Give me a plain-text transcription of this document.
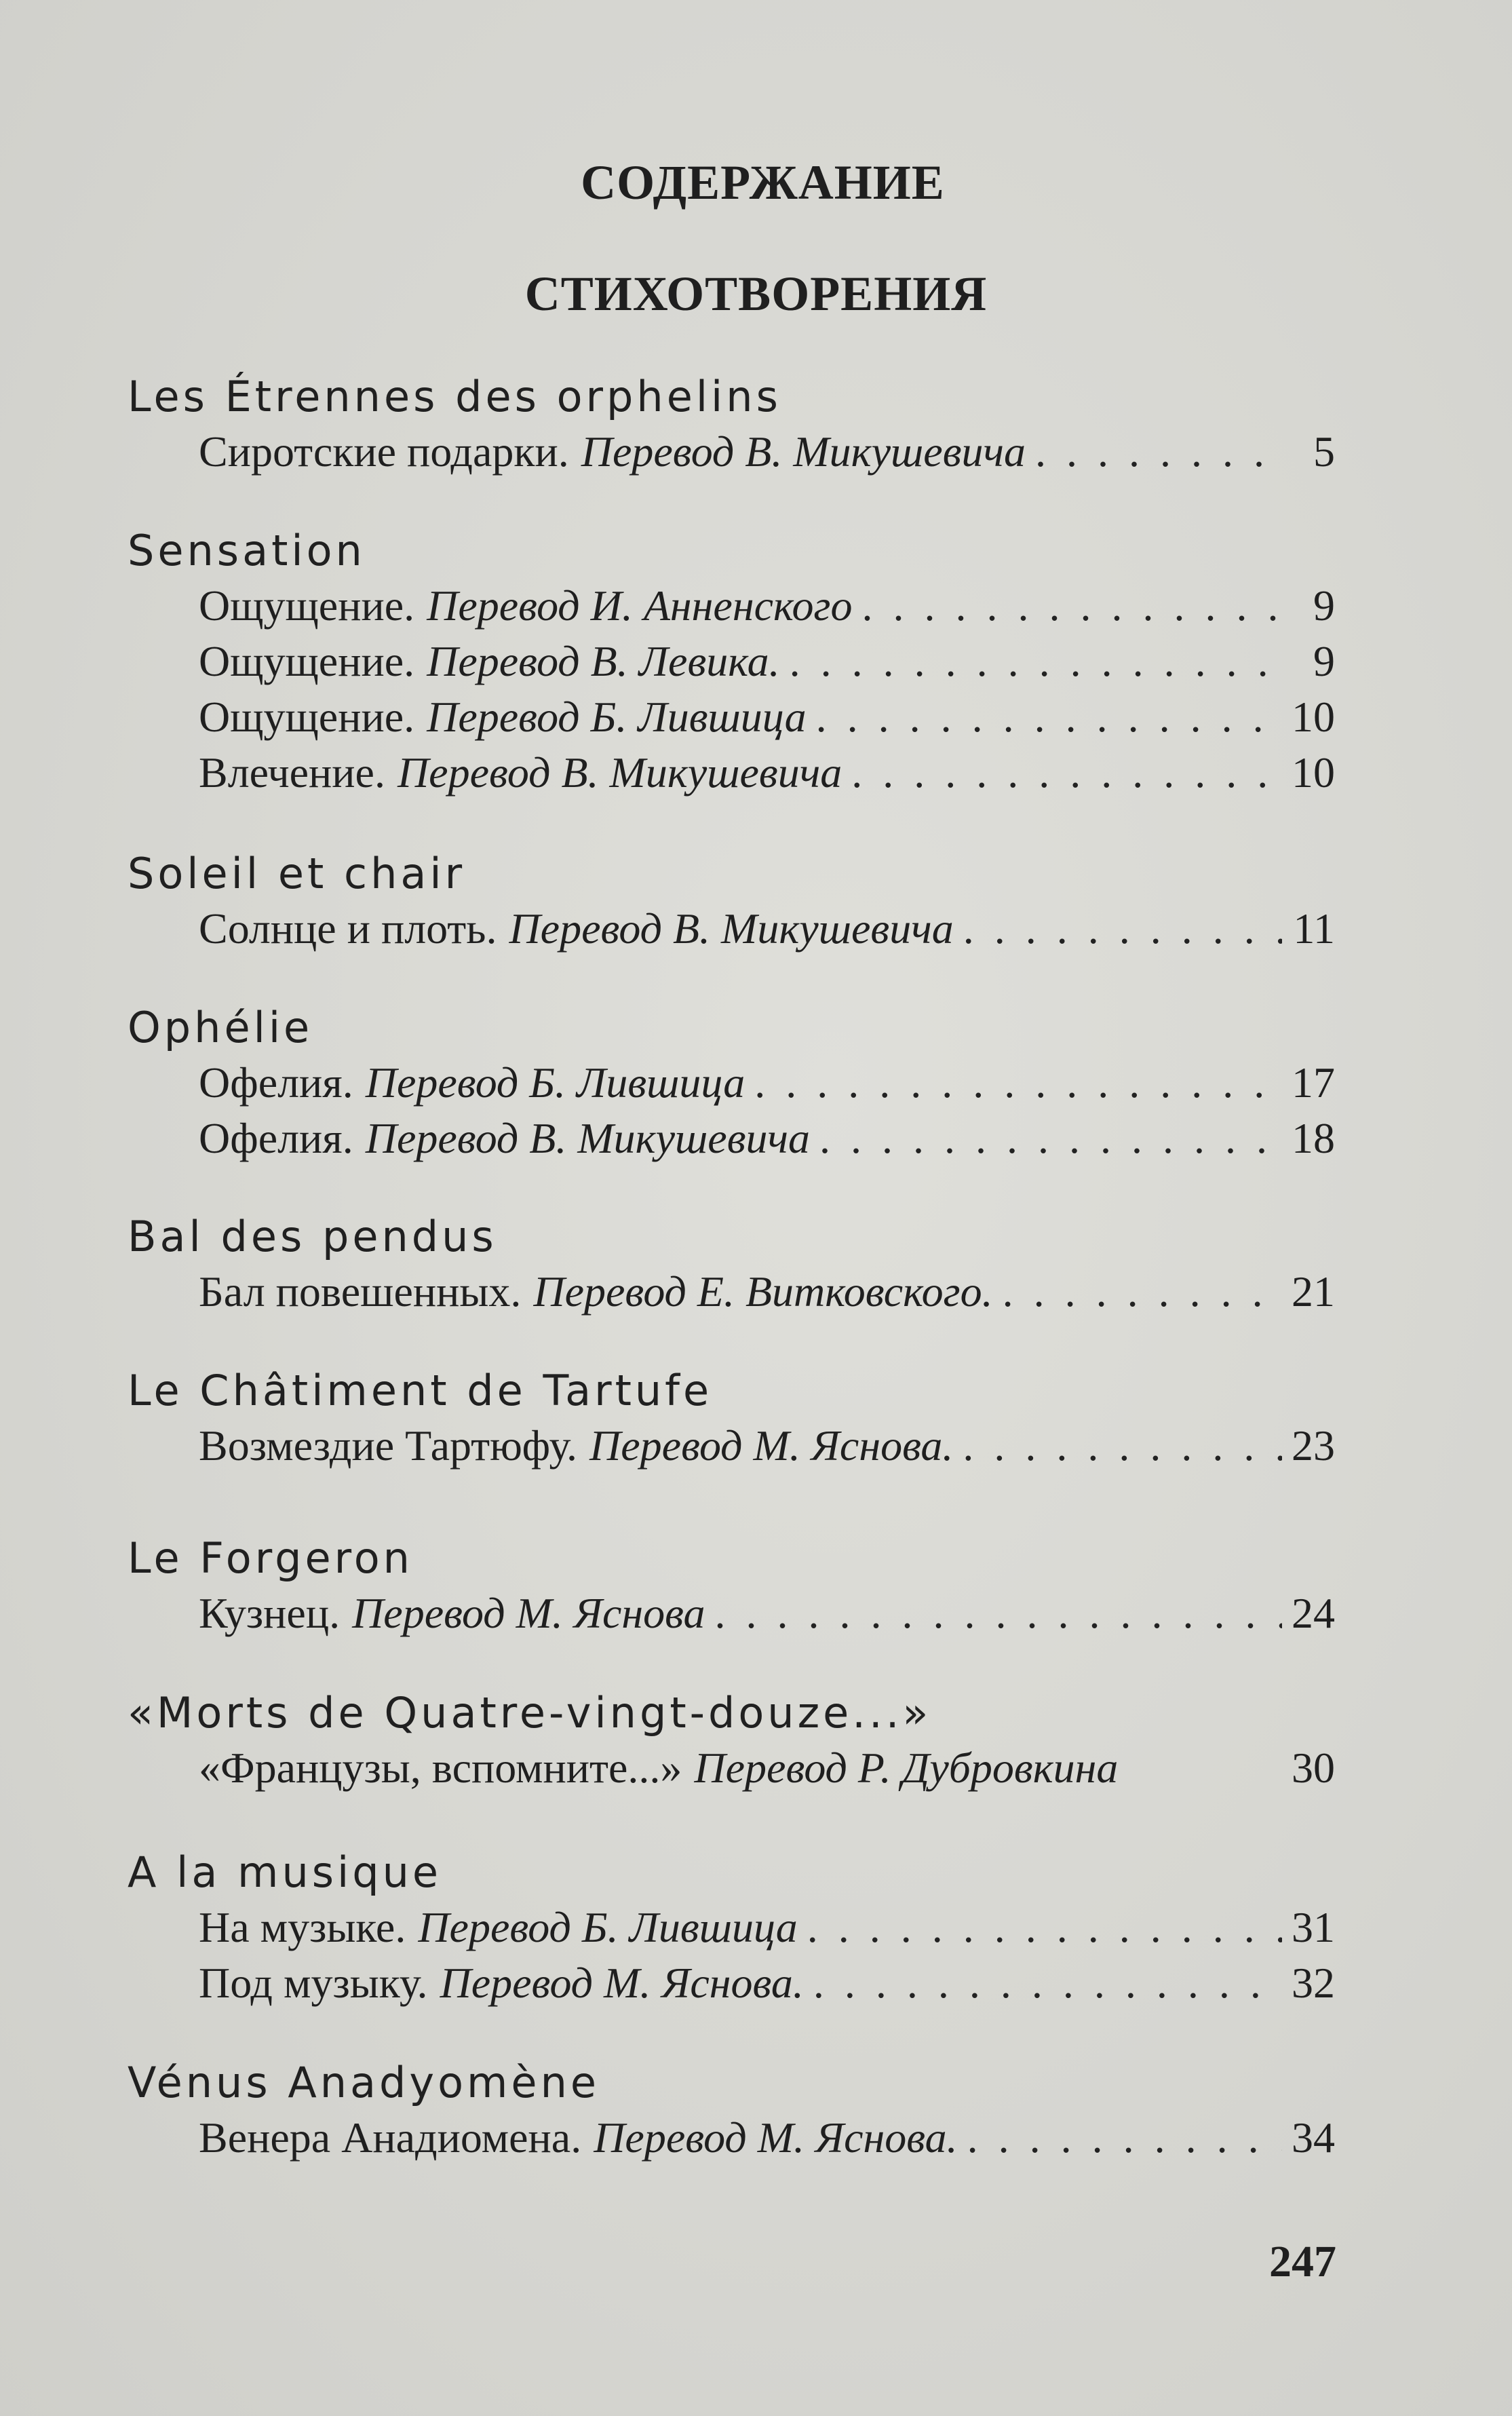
СОДЕРЖАНИЕ
СТИХОТВОРЕНИЯ
Les Étrennes des orphelins
Сиротские подарки. Перевод В. Микушевича . . .	5
Sensation
Ощущение. Перевод И. Анненского . . .	9
Ощущение. Перевод В. Левика. . . .	9
Ощущение. Перевод Б. Лившица . . .	10
Влечение. Перевод В. Микушевича . . .	10
Soleil et chair
Солнце и плоть. Перевод В. Микушевича . . .	11
Ophélie
Офелия. Перевод Б. Лившица . . .	17
Офелия. Перевод В. Микушевича . . .	18
Bal des pendus
Бал повешенных. Перевод Е. Витковского. . . .	21
Le Châtiment de Tartufe
Возмездие Тартюфу. Перевод М. Яснова. . . .	23
Le Forgeron
Кузнец. Перевод М. Яснова . . .	24
«Morts de Quatre-vingt-douze...»
«Французы, вспомните...» Перевод Р. Дубровкина	30
A la musique
На музыке. Перевод Б. Лившица . . .	31
Под музыку. Перевод М. Яснова. . . .	32
Vénus Anadyomène
Венера Анадиомена. Перевод М. Яснова. . . .	34
247
